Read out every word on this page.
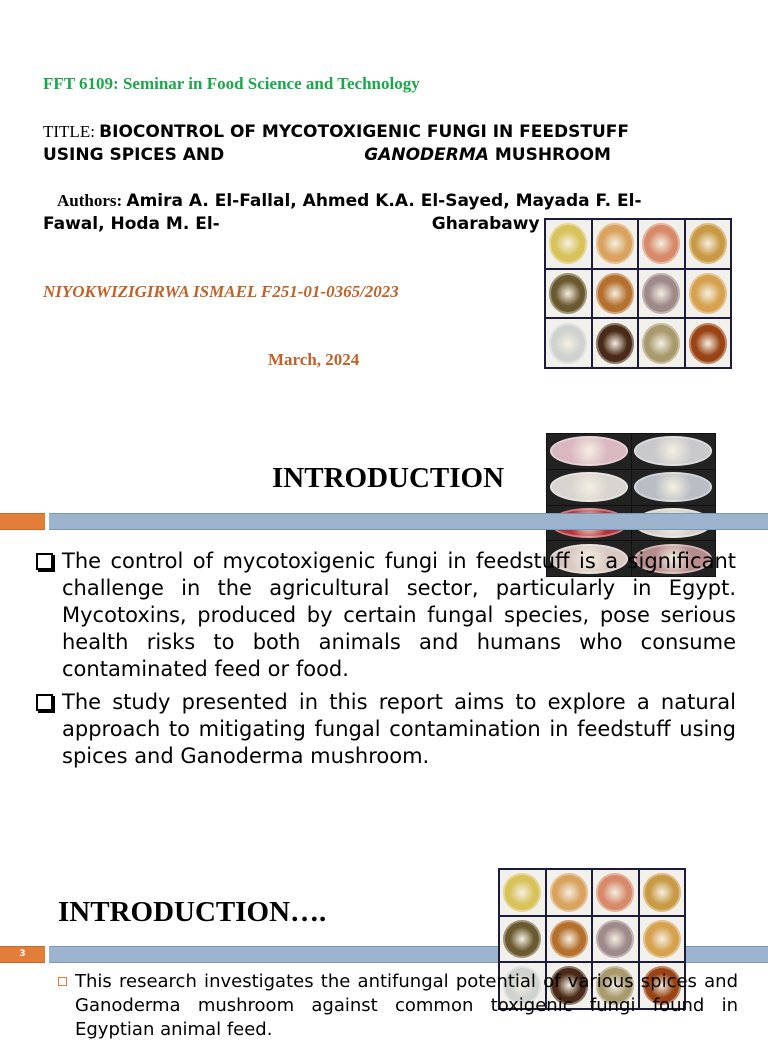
FFT 6109: Seminar in Food Science and Technology
TITLE: BIOCONTROL OF MYCOTOXIGENIC FUNGI IN FEEDSTUFF
USING SPICES AND	GANODERMA MUSHROOM
Authors: Amira A. El-Fallal, Ahmed K.A. El-Sayed, Mayada F. El-
Fawal, Hoda M. El-	Gharabawy
NIYOKWIZIGIRWA ISMAEL F251-01-0365/2023
March, 2024
INTRODUCTION
The control of mycotoxigenic fungi in feedstuff is a significant challenge in the agricultural sector, particularly in Egypt. Mycotoxins, produced by certain fungal species, pose serious health risks to both animals and humans who consume contaminated feed or food.
The study presented in this report aims to explore a natural approach to mitigating fungal contamination in feedstuff using spices and Ganoderma mushroom.
INTRODUCTION….
3
This research investigates the antifungal potential of various spices and Ganoderma mushroom against common toxigenic fungi found in Egyptian animal feed.
